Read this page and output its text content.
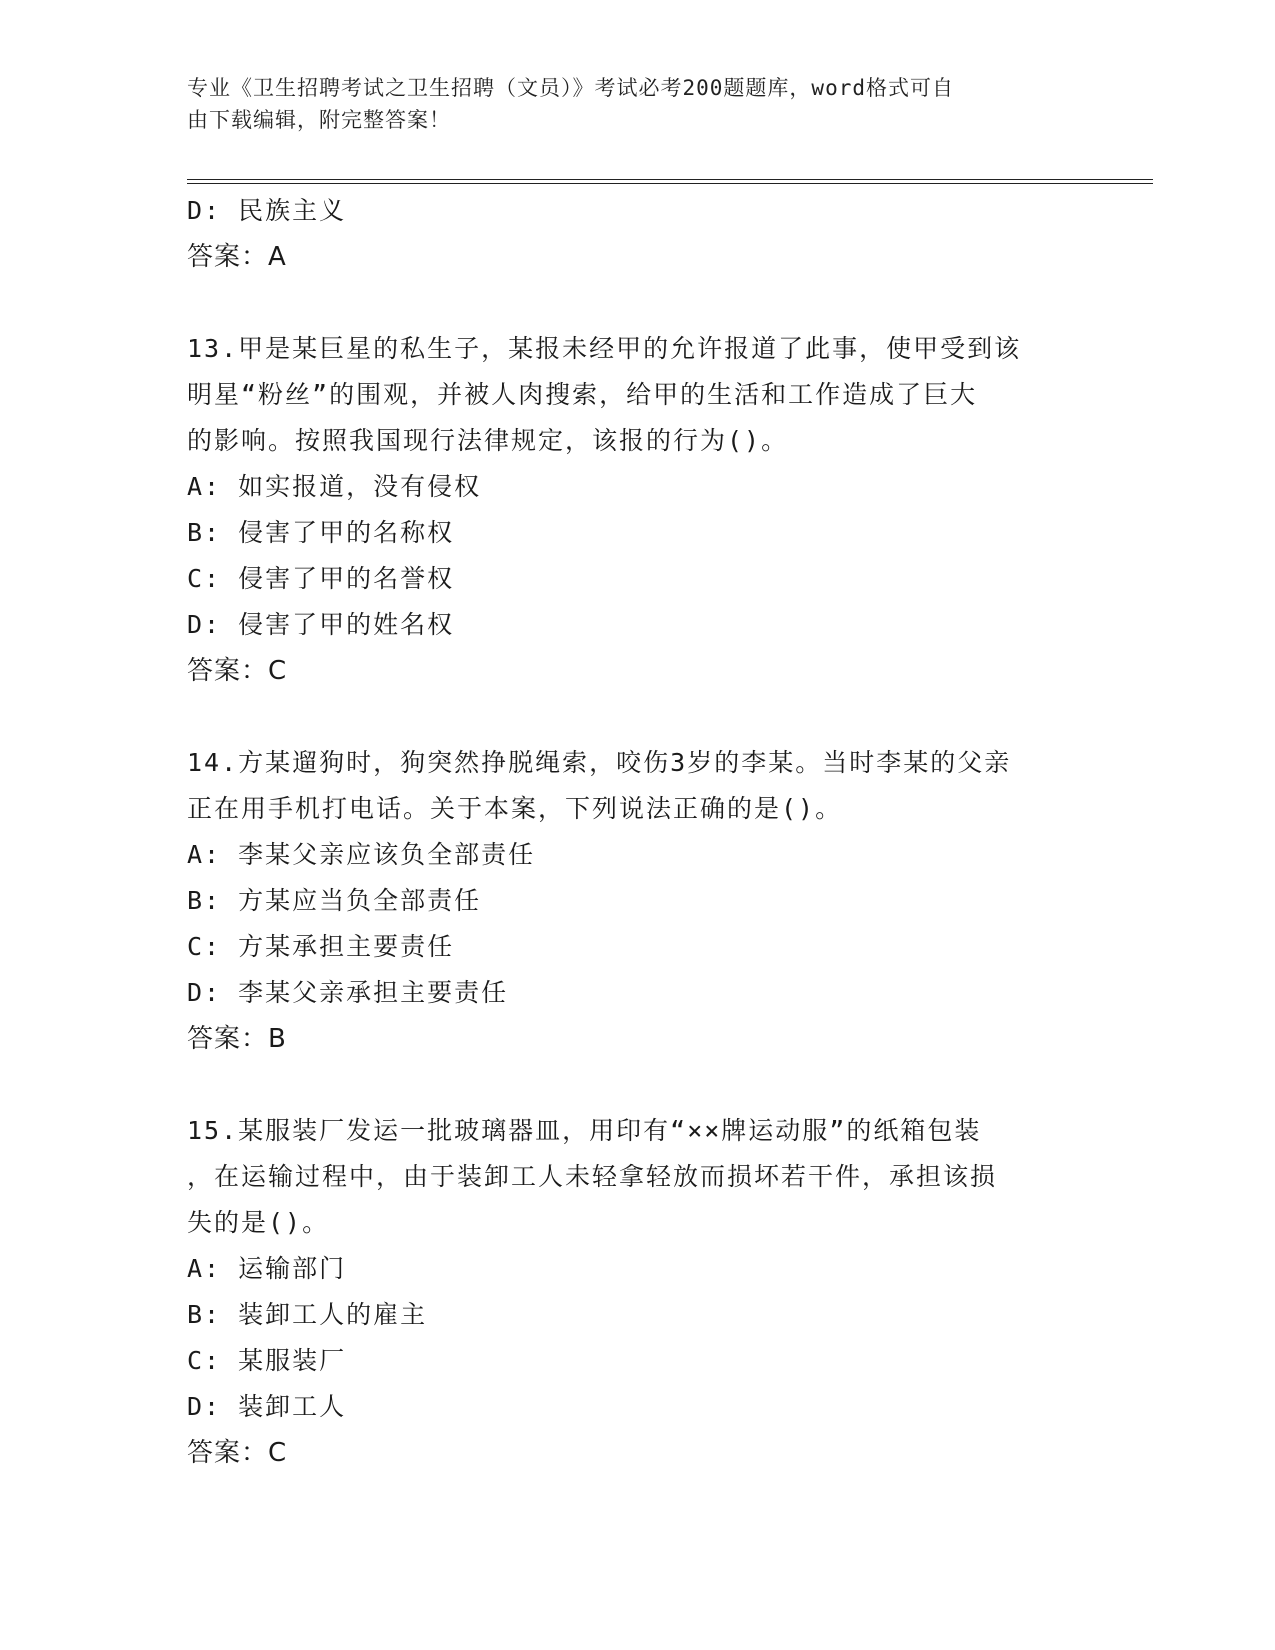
专业《卫生招聘考试之卫生招聘（文员）》考试必考200题题库，word格式可自
由下载编辑，附完整答案！
D: 民族主义
答案：A
13.甲是某巨星的私生子，某报未经甲的允许报道了此事，使甲受到该
明星“粉丝”的围观，并被人肉搜索，给甲的生活和工作造成了巨大
的影响。按照我国现行法律规定，该报的行为()。
A: 如实报道，没有侵权
B: 侵害了甲的名称权
C: 侵害了甲的名誉权
D: 侵害了甲的姓名权
答案：C
14.方某遛狗时，狗突然挣脱绳索，咬伤3岁的李某。当时李某的父亲
正在用手机打电话。关于本案，下列说法正确的是()。
A: 李某父亲应该负全部责任
B: 方某应当负全部责任
C: 方某承担主要责任
D: 李某父亲承担主要责任
答案：B
15.某服装厂发运一批玻璃器皿，用印有“××牌运动服”的纸箱包装
，在运输过程中，由于装卸工人未轻拿轻放而损坏若干件，承担该损
失的是()。
A: 运输部门
B: 装卸工人的雇主
C: 某服装厂
D: 装卸工人
答案：C
